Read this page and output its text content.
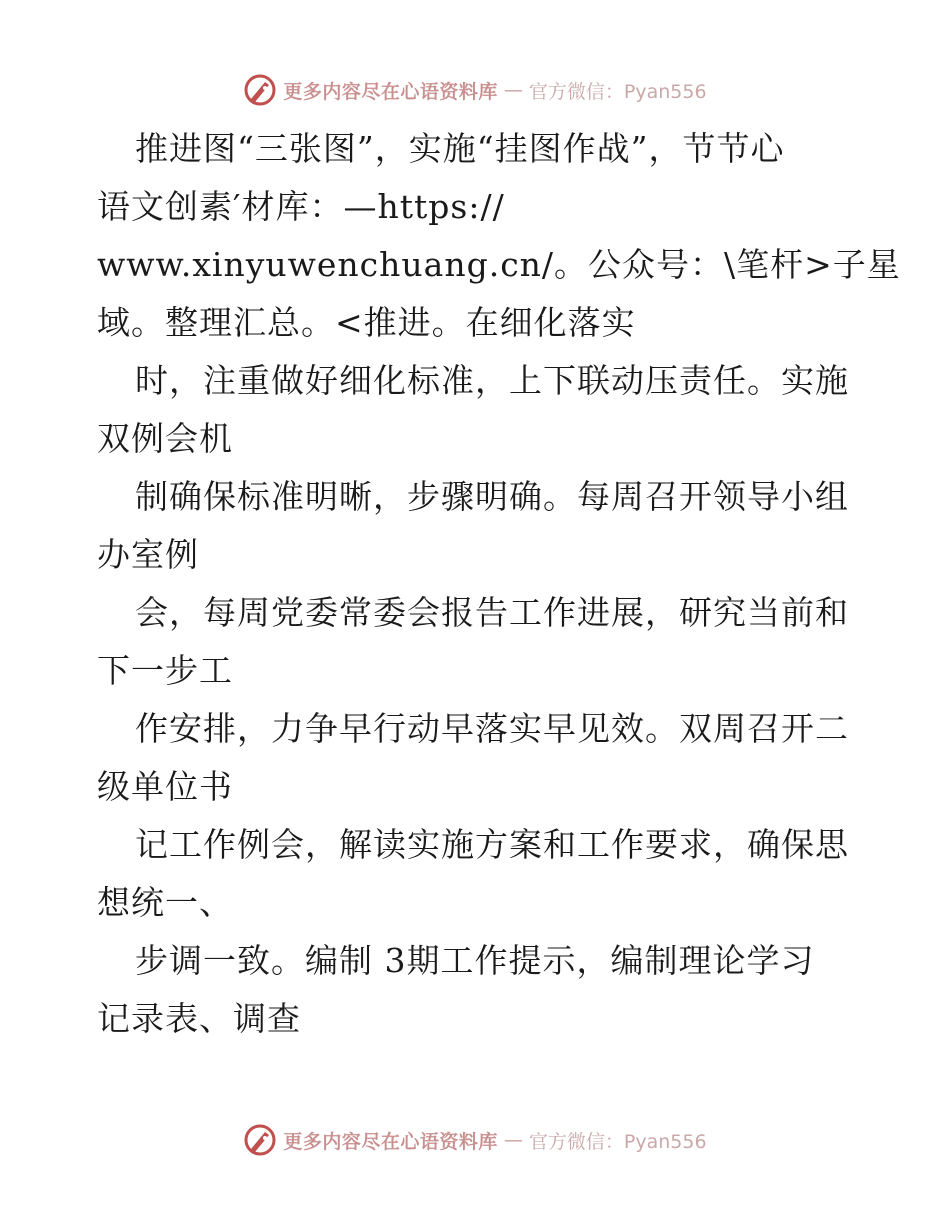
更多内容尽在心语资料库 — 官方微信：Pyan556
推进图“三张图”，实施“挂图作战”，节节心
语文创素′材库：—https://
www.xinyuwenchuang.cn/。公众号：\笔杆>子星
域。整理汇总。<推进。在细化落实
时，注重做好细化标准，上下联动压责任。实施
双例会机
制确保标准明晰，步骤明确。每周召开领导小组
办室例
会，每周党委常委会报告工作进展，研究当前和
下一步工
作安排，力争早行动早落实早见效。双周召开二
级单位书
记工作例会，解读实施方案和工作要求，确保思
想统一、
步调一致。编制 3期工作提示，编制理论学习
记录表、调查
更多内容尽在心语资料库 — 官方微信：Pyan556
